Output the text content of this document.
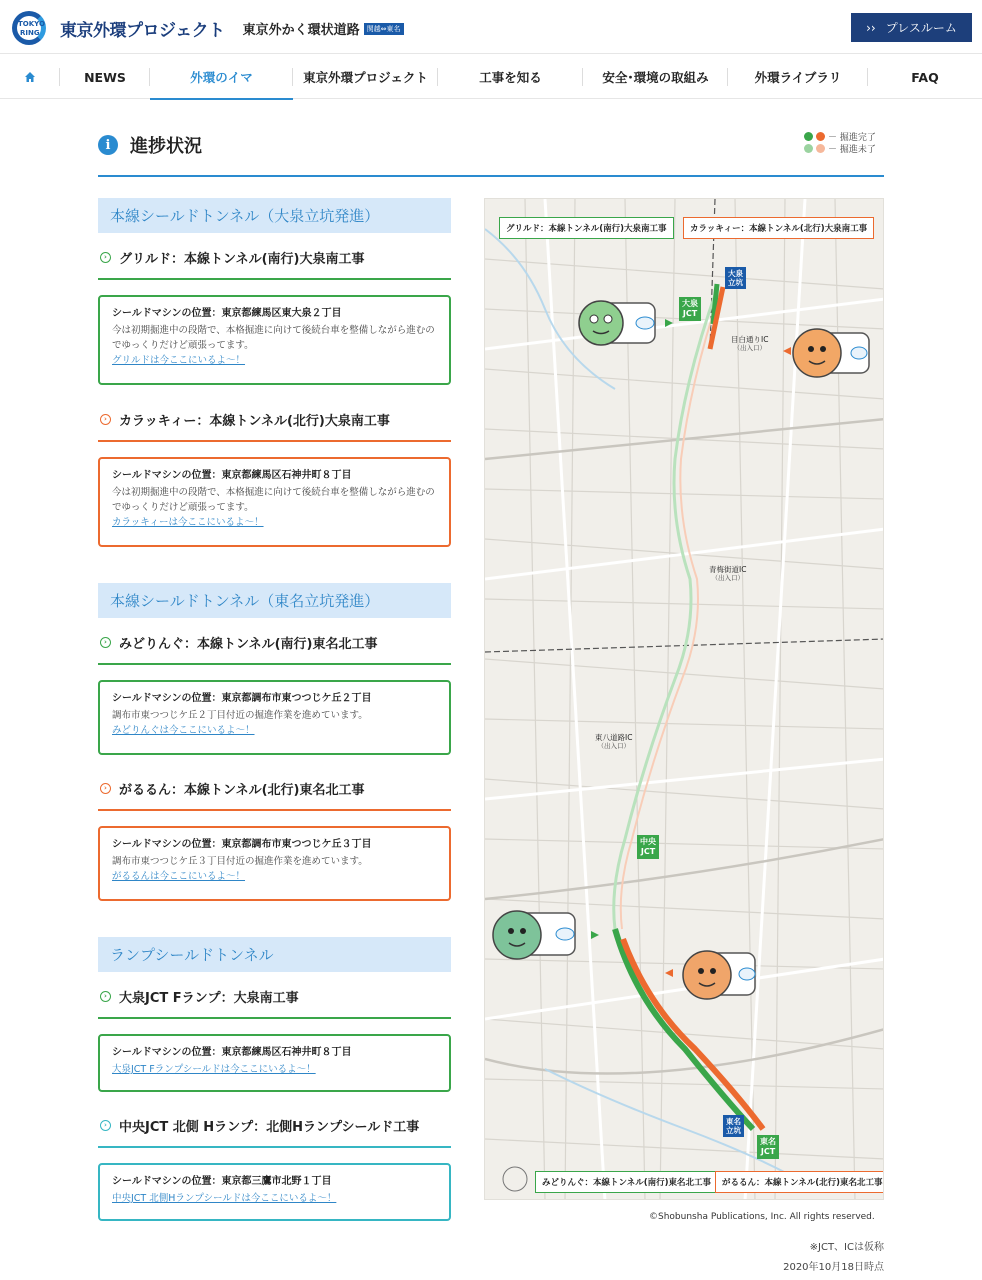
TOKYO
RING 東京外環プロジェクト 東京外かく環状道路	関越⇔東名	›› プレスルーム
NEWS	外環のイマ	東京外環プロジェクト	工事を知る	安全･環境の取組み	外環ライブラリ	FAQ
i	進捗状況	－ 掘進完了
－ 掘進未了
本線シールドトンネル（大泉立坑発進）
› グリルド：本線トンネル(南行)大泉南工事
シールドマシンの位置：東京都練馬区東大泉２丁目
今は初期掘進中の段階で、本格掘進に向けて後続台車を整備しながら進むのでゆっくりだけど頑張ってます。
グリルドは今ここにいるよ～！
› カラッキィー：本線トンネル(北行)大泉南工事
シールドマシンの位置：東京都練馬区石神井町８丁目
今は初期掘進中の段階で、本格掘進に向けて後続台車を整備しながら進むのでゆっくりだけど頑張ってます。
カラッキィーは今ここにいるよ～！
本線シールドトンネル（東名立坑発進）
› みどりんぐ：本線トンネル(南行)東名北工事
シールドマシンの位置：東京都調布市東つつじケ丘２丁目
調布市東つつじケ丘２丁目付近の掘進作業を進めています。
みどりんぐは今ここにいるよ～！
› がるるん：本線トンネル(北行)東名北工事
シールドマシンの位置：東京都調布市東つつじケ丘３丁目
調布市東つつじケ丘３丁目付近の掘進作業を進めています。
がるるんは今ここにいるよ～！
ランプシールドトンネル
› 大泉JCT Fランプ：大泉南工事
シールドマシンの位置：東京都練馬区石神井町８丁目
大泉JCT Fランプシールドは今ここにいるよ～！
› 中央JCT 北側 Hランプ：北側Hランプシールド工事
シールドマシンの位置：東京都三鷹市北野１丁目
中央JCT 北側Hランプシールドは今ここにいるよ～！
グリルド：本線トンネル(南行)大泉南工事	カラッキィー：本線トンネル(北行)大泉南工事
大泉
立坑
大泉
JCT
目白通りIC
（出入口）
青梅街道IC
（出入口）
東八道路IC
（出入口）
中央
JCT
東名
立坑
東名
JCT
みどりんぐ：本線トンネル(南行)東名北工事	がるるん：本線トンネル(北行)東名北工事
©Shobunsha Publications, Inc. All rights reserved.
※JCT、ICは仮称
2020年10月18日時点
